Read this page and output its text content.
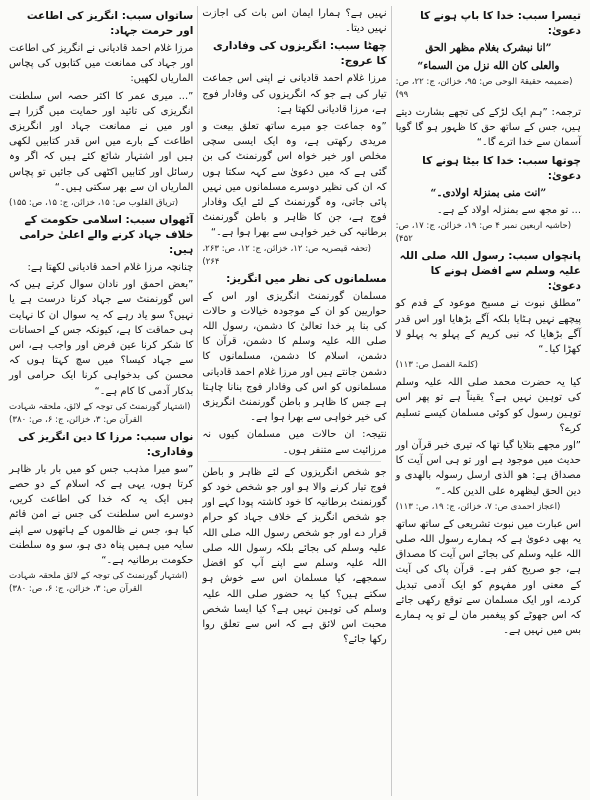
تیسرا سبب: خدا کا باپ ہونے کا دعویٰ:
”انا نبشرک بغلام مظھر الحق
والعلی کان الله نزل من السماء“
(ضمیمہ حقیقۃ الوحی ص: ۹۵، خزائن، ج: ۲۲، ص: ۹۹)
ترجمہ: ”ہم ایک لڑکے کی تجھے بشارت دیتے ہیں، جس کے ساتھ حق کا ظہور ہو گا گویا آسمان سے خدا اترے گا۔“
چوتھا سبب: خدا کا بیٹا ہونے کا دعویٰ:
”انت منی بمنزلۃ اولادی۔“
... تو مجھ سے بمنزلہ اولاد کے ہے۔
(حاشیہ اربعین نمبر ۴ ص: ۱۹، خزائن، ج: ۱۷، ص: ۴۵۲)
پانچواں سبب: رسول اللہ صلی اللہ علیہ وسلم سے افضل ہونے کا دعویٰ:
”مطلق نبوت نے مسیح موعود کے قدم کو پیچھے نہیں ہٹایا بلکہ آگے بڑھایا اور اس قدر آگے بڑھایا کہ نبی کریم کے پہلو بہ پہلو لا کھڑا کیا۔“
(کلمۃ الفصل ص: ۱۱۳)
کیا یہ حضرت محمد صلی اللہ علیہ وسلم کی توہین نہیں ہے؟ یقیناً ہے تو پھر اس توہین رسول کو کوئی مسلمان کیسے تسلیم کرے؟
”اور مجھے بتلایا گیا تھا کہ تیری خبر قرآن اور حدیث میں موجود ہے اور تو ہی اس آیت کا مصداق ہے: ھو الذی ارسل رسولہ بالھدی و دین الحق لیظھرہ علی الدین کلہ۔“
(اعجاز احمدی ص: ۷، خزائن، ج: ۱۹، ص: ۱۱۳)
اس عبارت میں نبوت تشریعی کے ساتھ ساتھ یہ بھی دعویٰ ہے کہ ہمارے رسول اللہ صلی اللہ علیہ وسلم کی بجائے اس آیت کا مصداق ہے، جو صریح کفر ہے۔ قرآن پاک کی آیت کے معنی اور مفہوم کو ایک آدمی تبدیل کردے، اور ایک مسلمان سے توقع رکھی جائے کہ اس جھوٹے کو پیغمبر مان لے تو یہ ہمارے بس میں نہیں ہے۔
نہیں ہے؟ ہمارا ایمان اس بات کی اجازت نہیں دیتا۔
چھٹا سبب: انگریزوں کی وفاداری کا عروج:
مرزا غلام احمد قادیانی نے اپنی اس جماعت تیار کی ہے جو کہ انگریزوں کی وفادار فوج ہے، مرزا قادیانی لکھتا ہے:
”وہ جماعت جو میرے ساتھ تعلق بیعت و مریدی رکھتی ہے، وہ ایک ایسی سچی مخلص اور خیر خواہ اس گورنمنٹ کی بن گئی ہے کہ میں دعویٰ سے کہہ سکتا ہوں کہ ان کی نظیر دوسرے مسلمانوں میں نہیں پائی جاتی، وہ گورنمنٹ کے لئے ایک وفادار فوج ہے، جن کا ظاہر و باطن گورنمنٹ برطانیہ کی خیر خواہی سے بھرا ہوا ہے۔“
(تحفہ قیصریہ ص: ۱۲، خزائن، ج: ۱۲، ص: ۲۶۳، ۲۶۴)
مسلمانوں کی نظر میں انگریز:
مسلمان گورنمنٹ انگریزی اور اس کے حواریین کو ان کے موجودہ خیالات و حالات کی بنا پر خدا تعالیٰ کا دشمن، رسول اللہ صلی اللہ علیہ وسلم کا دشمن، قرآن کا دشمن، اسلام کا دشمن، مسلمانوں کا دشمن جانتے ہیں اور مرزا غلام احمد قادیانی مسلمانوں کو اس کی وفادار فوج بنانا چاہتا ہے جس کا ظاہر و باطن گورنمنٹ انگریزی کی خیر خواہی سے بھرا ہوا ہے۔
نتیجہ: ان حالات میں مسلمان کیوں نہ مرزائیت سے متنفر ہوں۔
جو شخص انگریزوں کے لئے ظاہر و باطن فوج تیار کرنے والا ہو اور جو شخص خود کو گورنمنٹ برطانیہ کا خود کاشتہ پودا کہے اور جو شخص انگریز کے خلاف جہاد کو حرام قرار دے اور جو شخص رسول اللہ صلی اللہ علیہ وسلم کی بجائے بلکہ رسول اللہ صلی اللہ علیہ وسلم سے اپنے آپ کو افضل سمجھے، کیا مسلمان اس سے خوش ہو سکتے ہیں؟ کیا یہ حضور صلی اللہ علیہ وسلم کی توہین نہیں ہے؟ کیا ایسا شخص محبت اس لائق ہے کہ اس سے تعلق روا رکھا جائے؟
ساتواں سبب: انگریز کی اطاعت اور حرمت جہاد:
مرزا غلام احمد قادیانی نے انگریز کی اطاعت اور جہاد کی ممانعت میں کتابوں کی پچاس الماریاں لکھیں:
”... میری عمر کا اکثر حصہ اس سلطنت انگریزی کی تائید اور حمایت میں گزرا ہے اور میں نے ممانعت جہاد اور انگریزی اطاعت کے بارے میں اس قدر کتابیں لکھی ہیں اور اشتہار شائع کئے ہیں کہ اگر وہ رسائل اور کتابیں اکٹھی کی جائیں تو پچاس الماریاں ان سے بھر سکتی ہیں۔“
(تریاق القلوب ص: ۱۵، خزائن، ج: ۱۵، ص: ۱۵۵)
آٹھواں سبب: اسلامی حکومت کے خلاف جہاد کرنے والے اعلیٰ حرامی ہیں:
چنانچہ مرزا غلام احمد قادیانی لکھتا ہے:
”بعض احمق اور نادان سوال کرتے ہیں کہ اس گورنمنٹ سے جہاد کرنا درست ہے یا نہیں؟ سو یاد رہے کہ یہ سوال ان کا نہایت ہی حماقت کا ہے، کیونکہ جس کے احسانات کا شکر کرنا عین فرض اور واجب ہے، اس سے جہاد کیسا؟ میں سچ کہتا ہوں کہ محسن کی بدخواہی کرنا ایک حرامی اور بدکار آدمی کا کام ہے۔“
(اشتہار گورنمنٹ کی توجہ کے لائق، ملحقہ شہادت القرآن ص: ۳، خزائن، ج: ۶، ص: ۳۸۰)
نواں سبب: مرزا کا دین انگریز کی وفاداری:
”سو میرا مذہب جس کو میں بار بار ظاہر کرتا ہوں، یہی ہے کہ اسلام کے دو حصے ہیں ایک یہ کہ خدا کی اطاعت کریں، دوسرے اس سلطنت کی جس نے امن قائم کیا ہو، جس نے ظالموں کے ہاتھوں سے اپنے سایہ میں ہمیں پناہ دی ہو، سو وہ سلطنت حکومت برطانیہ ہے۔“
(اشتہار گورنمنٹ کی توجہ کے لائق ملحقہ شہادت القرآن ص: ۳، خزائن، ج: ۶، ص: ۳۸۰)
